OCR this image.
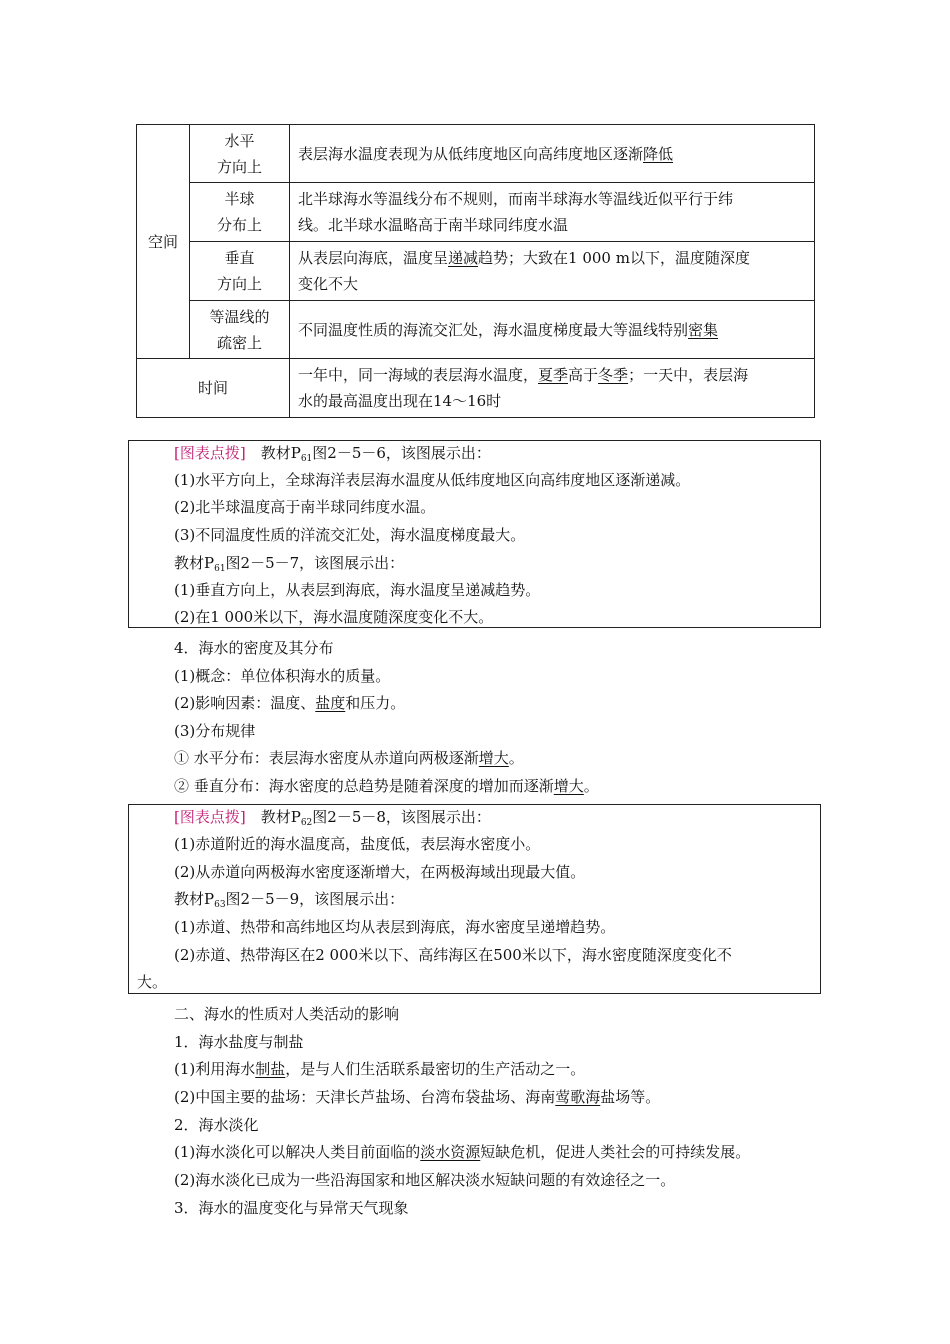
空间	水平
方向上	表层海水温度表现为从低纬度地区向高纬度地区逐渐降低
	半球
分布上	北半球海水等温线分布不规则，而南半球海水等温线近似平行于纬
线。北半球水温略高于南半球同纬度水温
	垂直
方向上	从表层向海底，温度呈递减趋势；大致在1 000 m以下，温度随深度
变化不大
	等温线的
疏密上	不同温度性质的海流交汇处，海水温度梯度最大等温线特别密集
时间		一年中，同一海域的表层海水温度，夏季高于冬季；一天中，表层海
水的最高温度出现在14～16时
[图表点拨]　 教材$P_{61}$图2－5－6，该图展示出：
(1)水平方向上，全球海洋表层海水温度从低纬度地区向高纬度地区逐渐递减。
(2)北半球温度高于南半球同纬度水温。
(3)不同温度性质的洋流交汇处，海水温度梯度最大。
教材$P_{61}$图2－5－7，该图展示出：
(1)垂直方向上，从表层到海底，海水温度呈递减趋势。
(2)在1 000米以下，海水温度随深度变化不大。
4．海水的密度及其分布
(1)概念：单位体积海水的质量。
(2)影响因素：温度、盐度和压力。
(3)分布规律
① 水平分布：表层海水密度从赤道向两极逐渐增大。
② 垂直分布：海水密度的总趋势是随着深度的增加而逐渐增大。
[图表点拨]　 教材$P_{62}$图2－5－8，该图展示出：
(1)赤道附近的海水温度高，盐度低，表层海水密度小。
(2)从赤道向两极海水密度逐渐增大，在两极海域出现最大值。
教材$P_{63}$图2－5－9，该图展示出：
(1)赤道、热带和高纬地区均从表层到海底，海水密度呈递增趋势。
(2)赤道、热带海区在2 000米以下、高纬海区在500米以下，海水密度随深度变化不
大。
二、海水的性质对人类活动的影响
1．海水盐度与制盐
(1)利用海水制盐，是与人们生活联系最密切的生产活动之一。
(2)中国主要的盐场：天津长芦盐场、台湾布袋盐场、海南莺歌海盐场等。
2．海水淡化
(1)海水淡化可以解决人类目前面临的淡水资源短缺危机，促进人类社会的可持续发展。
(2)海水淡化已成为一些沿海国家和地区解决淡水短缺问题的有效途径之一。
3．海水的温度变化与异常天气现象
